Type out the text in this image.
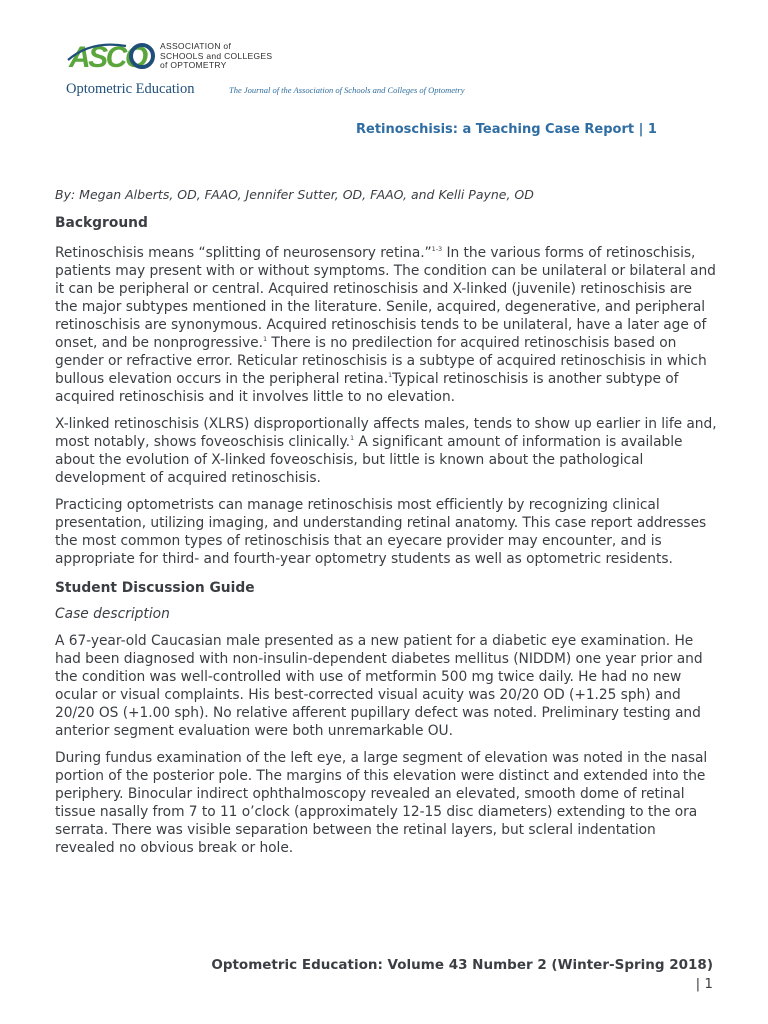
ASCO ASSOCIATION of
SCHOOLS and COLLEGES
of OPTOMETRY
Optometric Education	The Journal of the Association of Schools and Colleges of Optometry
Retinoschisis: a Teaching Case Report | 1

By: Megan Alberts, OD, FAAO, Jennifer Sutter, OD, FAAO, and Kelli Payne, OD

Background

Retinoschisis means “splitting of neurosensory retina.”$^{1-3}$ In the various forms of retinoschisis, patients may present with or without symptoms. The condition can be unilateral or bilateral and it can be peripheral or central. Acquired retinoschisis and X-linked (juvenile) retinoschisis are the major subtypes mentioned in the literature. Senile, acquired, degenerative, and peripheral retinoschisis are synonymous. Acquired retinoschisis tends to be unilateral, have a later age of onset, and be nonprogressive.$^1$ There is no predilection for acquired retinoschisis based on gender or refractive error. Reticular retinoschisis is a subtype of acquired retinoschisis in which bullous elevation occurs in the peripheral retina.$^1$Typical retinoschisis is another subtype of acquired retinoschisis and it involves little to no elevation.

X-linked retinoschisis (XLRS) disproportionally affects males, tends to show up earlier in life and, most notably, shows foveoschisis clinically.$^1$ A significant amount of information is available about the evolution of X-linked foveoschisis, but little is known about the pathological development of acquired retinoschisis.

Practicing optometrists can manage retinoschisis most efficiently by recognizing clinical presentation, utilizing imaging, and understanding retinal anatomy. This case report addresses the most common types of retinoschisis that an eyecare provider may encounter, and is appropriate for third- and fourth-year optometry students as well as optometric residents.

Student Discussion Guide
Case description

A 67-year-old Caucasian male presented as a new patient for a diabetic eye examination. He had been diagnosed with non-insulin-dependent diabetes mellitus (NIDDM) one year prior and the condition was well-controlled with use of metformin 500 mg twice daily. He had no new ocular or visual complaints. His best-corrected visual acuity was 20/20 OD (+1.25 sph) and 20/20 OS (+1.00 sph). No relative afferent pupillary defect was noted. Preliminary testing and anterior segment evaluation were both unremarkable OU.

During fundus examination of the left eye, a large segment of elevation was noted in the nasal portion of the posterior pole. The margins of this elevation were distinct and extended into the periphery. Binocular indirect ophthalmoscopy revealed an elevated, smooth dome of retinal tissue nasally from 7 to 11 o’clock (approximately 12-15 disc diameters) extending to the ora serrata. There was visible separation between the retinal layers, but scleral indentation revealed no obvious break or hole.

Optometric Education: Volume 43 Number 2 (Winter-Spring 2018)
| 1
